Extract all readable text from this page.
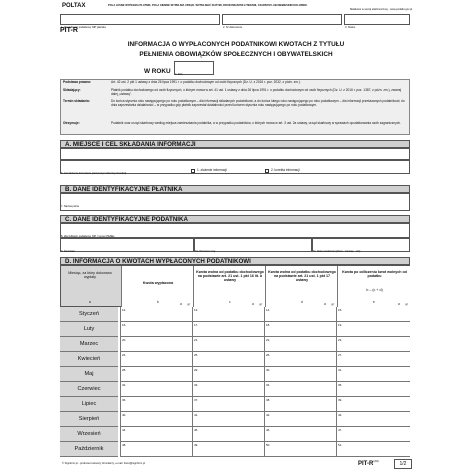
POLTAX	POLA JASNE WYPEŁNIA PŁATNIK, POLA CIEMNE WYPEŁNIA URZĄD. WYPEŁNIAĆ DUŻYMI, DRUKOWANYMI LITERAMI, CZARNYM LUB NIEBIESKIM KOLOREM.
Składanie w wersji elektronicznej - www.podatki.gov.pl
1. Identyfikator podatkowy NIP płatnika	2. Nr dokumentu	3. Status
PIT-R
INFORMACJA O WYPŁACONYCH PODATNIKOWI KWOTACH Z TYTUŁU
PEŁNIENIA OBOWIĄZKÓW SPOŁECZNYCH I OBYWATELSKICH
W ROKU	4. Rok
Podstawa prawna:	Art. 42 ust. 2 pkt 1 ustawy z dnia 26 lipca 1991 r. o podatku dochodowym od osób fizycznych (Dz. U. z 2016 r. poz. 2032, z późn. zm.).
Składający:	Płatnik podatku dochodowego od osób fizycznych, o którym mowa w art. 41 ust. 1 ustawy z dnia 26 lipca 1991 r. o podatku dochodowym od osób fizycznych (Dz. U. z 2016 r. poz. 1387, z późn. zm.), zwanej dalej „ustawą”.
Termin składania:	Do końca stycznia roku następującego po roku podatkowym – dla informacji składanych podatnikowi, a do końca lutego roku następującego po roku podatkowym – dla informacji przekazanych podatnikowi; do dnia zaprzestania działalności – w przypadku gdy płatnik zaprzestał działalności przed końcem stycznia roku następującego po roku podatkowym.
Otrzymuje:	Podatnik oraz urząd skarbowy według miejsca zamieszkania podatnika, a w przypadku podatników, o których mowa w art. 3 ust. 2a ustawy, urząd skarbowy w sprawach opodatkowania osób zagranicznych.
A. MIEJSCE I CEL SKŁADANIA INFORMACJI
6. Cel złożenia formularza (zaznaczyć właściwy kwadrat)
1. złożenie informacji	2. korekta informacji
B. DANE IDENTYFIKACYJNE PŁATNIKA
7. Nazwa pełna
C. DANE IDENTYFIKACYJNE PODATNIKA
8. Identyfikator podatkowy NIP / numer PESEL
9. Nazwisko	10. Pierwsze imię	11. Data urodzenia (dzień - miesiąc - rok)
D. INFORMACJA O KWOTACH WYPŁACONYCH PODATNIKOWI
Miesiąc, za który dokonano wypłaty
Kwota wypłacona
Kwota wolna od podatku dochodowego na podstawie art. 21 ust. 1 pkt 16 lit. b ustawy
Kwota wolna od podatku dochodowego na podstawie art. 21 ust. 1 pkt 17 ustawy
Kwota po odliczeniu kwot wolnych od podatku
b – (c + d)
a	b	c	d	e
Styczeń
12.
zł gr
13.
zł gr
14.
zł gr
15.
zł gr
Luty
16.	17.	18.	19.
Marzec
20.	21.	22.	23.
Kwiecień
24.	25.	26.	27.
Maj
28.	29.	30.	31.
Czerwiec
32.	33.	34.	35.
Lipiec
36.	37.	38.	39.
Sierpień
40.	41.	42.	43.
Wrzesień
44.	45.	46.	47.
Październik
48.	49.	50.	51.
© Signform.pl - producent arkuszy formularzy, e-mail: biuro@signform.pl	PIT-$R^{(20)}$	1/2
